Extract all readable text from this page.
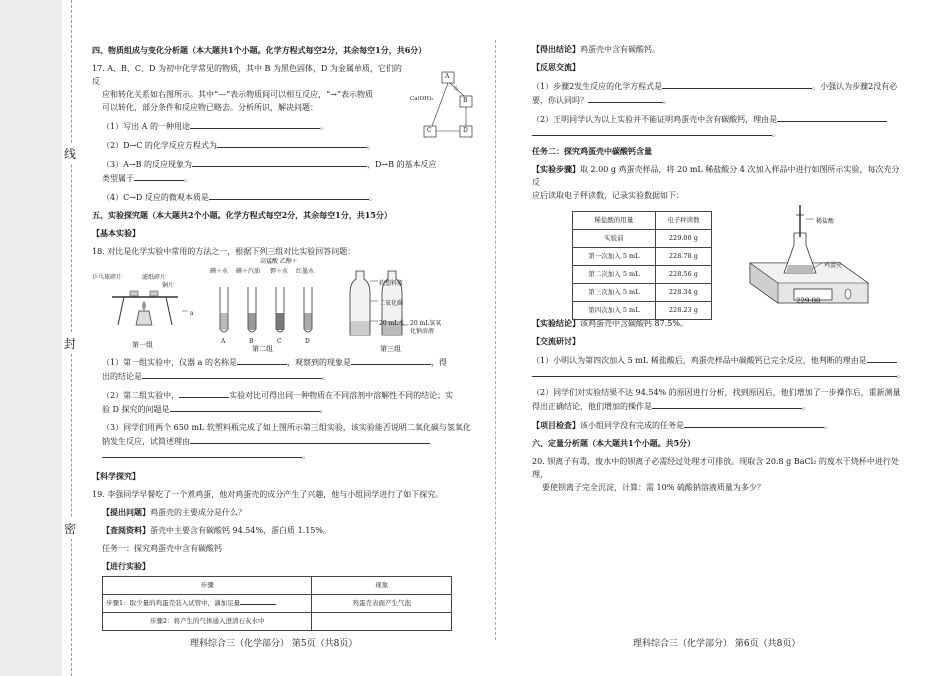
线
封
密

四、物质组成与变化分析题（本大题共1个小题。化学方程式每空2分，其余每空1分，共6分）

17. A、B、C、D 为初中化学常见的物质，其中 B 为黑色固体，D 为金属单质，它们的反

应和转化关系如右图所示。其中“—”表示物质间可以相互反应，“→”表示物质

可以转化，部分条件和反应物已略去。分析所识，解决问题：

（1）写出 A 的一种用途	。

（2）D→C 的化学反应方程式为	。

（3）A→B 的反应现象为	，D→B 的基本反应

类型属于	。

（4）C→D 反应的微观本质是	。

五、实验探究题（本大题共2个小题。化学方程式每空2分，其余每空1分，共15分）

【基本实验】

18. 对比是化学实验中常用的方法之一，根据下列三组对比实验回答问题：

乒乓球碎片	滤纸碎片
铜片
a
第一组
高锰酸 乙醇＋
碘＋水 碘＋汽油 钾＋水 红墨水
A	B	C	D
第二组
软塑料瓶
二氧化碳
20 mL水 20 mL氢氧
化钠溶液
第三组

（1）第一组实验中，仪器 a 的名称是	，观察到的现象是	，得

出的结论是	。

（2）第二组实验中，	实验对比可得出同一种物质在不同溶剂中溶解性不同的结论；实

验 D 探究的问题是	。

（3）同学们用两个 650 mL 软塑料瓶完成了如上图所示第三组实验，该实验能否说明二氧化碳与氢氧化

钠发生反应，试简述理由

。

【科学探究】

19. 李强同学早餐吃了一个煮鸡蛋，他对鸡蛋壳的成分产生了兴趣，他与小组同学进行了如下探究。

【提出问题】鸡蛋壳的主要成分是什么？

【查阅资料】蛋壳中主要含有碳酸钙 94.54%，蛋白质 1.15%。

任务一：探究鸡蛋壳中含有碳酸钙

【进行实验】

步骤	现象
步骤1：取少量的鸡蛋壳装入试管中，滴加足量	鸡蛋壳表面产生气泡
步骤2：将产生的气体通入澄清石灰水中	

【得出结论】鸡蛋壳中含有碳酸钙。

【反思交流】

（1）步骤2发生反应的化学方程式是	。小强认为步骤2没有必

要，你认同吗？	。

（2）王明同学认为以上实验并不能证明鸡蛋壳中含有碳酸钙，理由是

。

任务二：探究鸡蛋壳中碳酸钙含量

【实验步骤】取 2.00 g 鸡蛋壳样品，将 20 mL 稀盐酸分 4 次加入样品中进行如图所示实验，每次充分反

应后读取电子秤读数，记录实验数据如下：

稀盐酸的用量	电子秤读数
实验前	229.00 g
第一次加入 5 mL	228.78 g
第二次加入 5 mL	228.56 g
第三次加入 5 mL	228.34 g
第四次加入 5 mL	228.23 g
229.00
稀盐酸
鸡蛋壳

【实验结论】该鸡蛋壳中含碳酸钙 87.5%。

【交流研讨】

（1）小明认为第四次加入 5 mL 稀盐酸后，鸡蛋壳样品中碳酸钙已完全反应，他判断的理由是

。

（2）同学们对实验结果不达 94.54% 的原因进行分析，找到原因后，他们增加了一步操作后，重新测量

得出正确结论，他们增加的操作是	。

【项目检查】该小组同学没有完成的任务是	。

六、定量分析题（本大题共1个小题。共5分）

20. 钡离子有毒，废水中的钡离子必需经过处理才可排放。现取含 20.8 g BaCl₂ 的废水于烧杯中进行处理，

要使钡离子完全沉淀，计算：需 10% 硫酸钠溶液质量为多少？

A
B
C	D
Ca(OH)₂
△
理科综合三（化学部分） 第5页（共8页）	理科综合三（化学部分） 第6页（共8页）
